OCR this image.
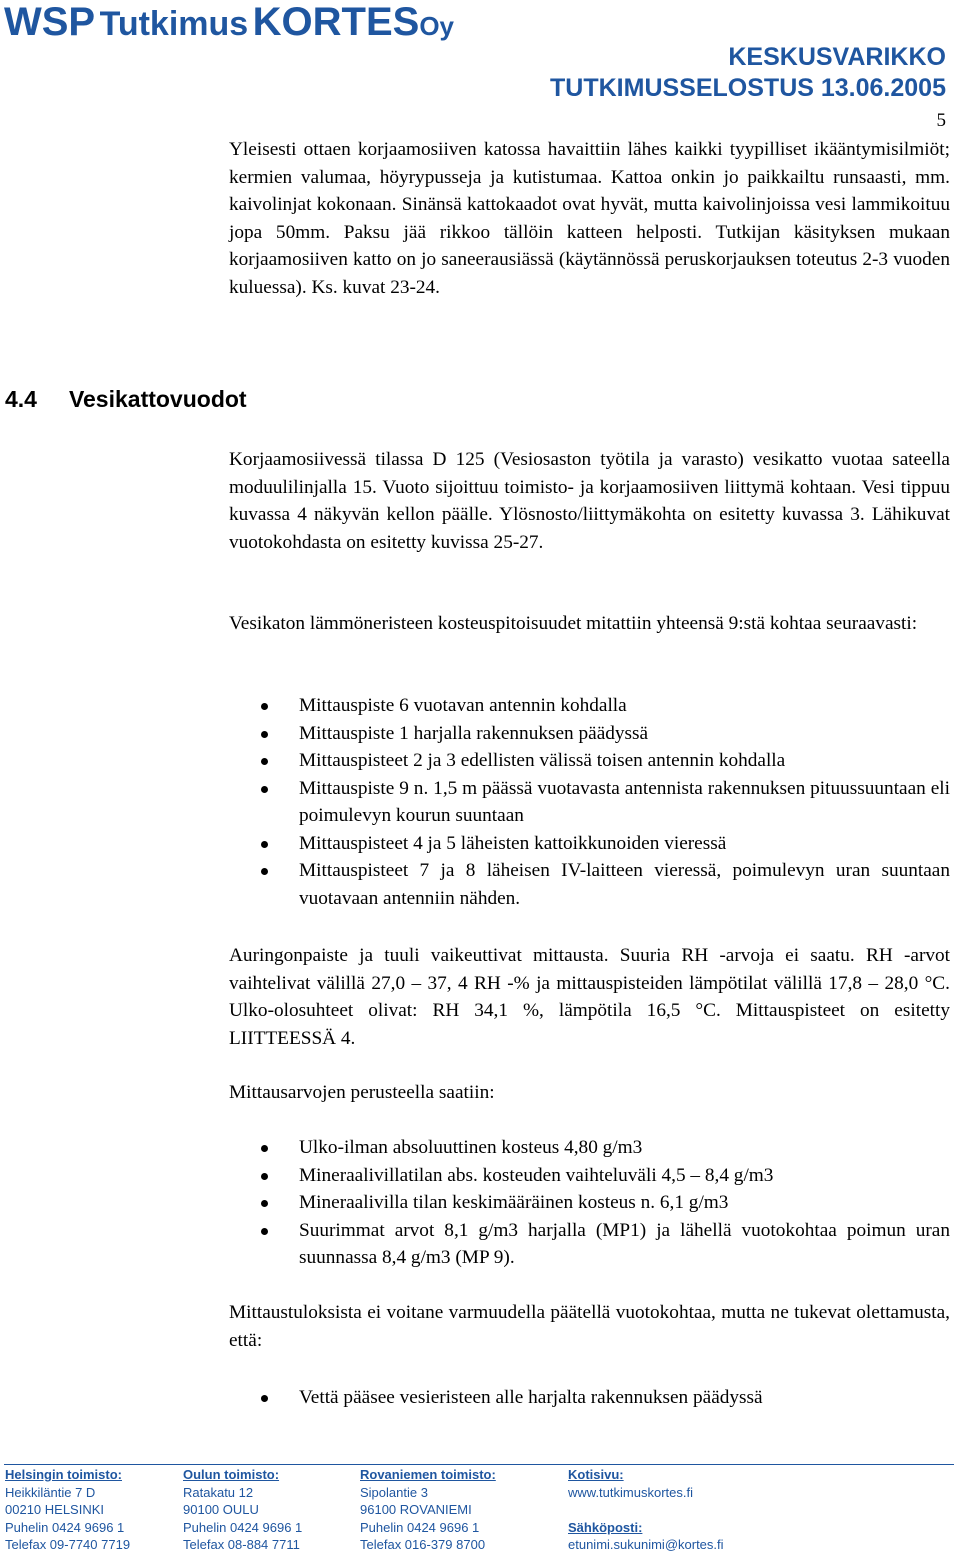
WSP Tutkimus KORTESOy
KESKUSVARIKKO
TUTKIMUSSELOSTUS 13.06.2005
5
Yleisesti ottaen korjaamosiiven katossa havaittiin lähes kaikki tyypilliset ikääntymisilmiöt; kermien valumaa, höyrypusseja ja kutistumaa. Kattoa onkin jo paikkailtu runsaasti, mm. kaivolinjat kokonaan. Sinänsä kattokaadot ovat hyvät, mutta kaivolinjoissa vesi lammikoituu jopa 50mm. Paksu jää rikkoo tällöin katteen helposti. Tutkijan käsityksen mukaan korjaamosiiven katto on jo saneerausiässä (käytännössä peruskorjauksen toteutus 2-3 vuoden kuluessa). Ks. kuvat 23-24.
4.4 Vesikattovuodot
Korjaamosiivessä tilassa D 125 (Vesiosaston työtila ja varasto) vesikatto vuotaa sateella moduulilinjalla 15. Vuoto sijoittuu toimisto- ja korjaamosiiven liittymä kohtaan. Vesi tippuu kuvassa 4 näkyvän kellon päälle. Ylösnosto/liittymäkohta on esitetty kuvassa 3. Lähikuvat vuotokohdasta on esitetty kuvissa 25-27.
Vesikaton lämmöneristeen kosteuspitoisuudet mitattiin yhteensä 9:stä kohtaa seuraavasti:
Mittauspiste 6 vuotavan antennin kohdalla
Mittauspiste 1 harjalla rakennuksen päädyssä
Mittauspisteet 2 ja 3 edellisten välissä toisen antennin kohdalla
Mittauspiste 9 n. 1,5 m päässä vuotavasta antennista rakennuksen pituussuuntaan eli poimulevyn kourun suuntaan
Mittauspisteet 4 ja 5 läheisten kattoikkunoiden vieressä
Mittauspisteet 7 ja 8 läheisen IV-laitteen vieressä, poimulevyn uran suuntaan vuotavaan antenniin nähden.
Auringonpaiste ja tuuli vaikeuttivat mittausta. Suuria RH -arvoja ei saatu. RH -arvot vaihtelivat välillä 27,0 – 37, 4 RH -% ja mittauspisteiden lämpötilat välillä 17,8 – 28,0 °C. Ulko-olosuhteet olivat: RH 34,1 %, lämpötila 16,5 °C. Mittauspisteet on esitetty LIITTEESSÄ 4.
Mittausarvojen perusteella saatiin:
Ulko-ilman absoluuttinen kosteus 4,80 g/m3
Mineraalivillatilan abs. kosteuden vaihteluväli 4,5 – 8,4 g/m3
Mineraalivilla tilan keskimääräinen kosteus n. 6,1 g/m3
Suurimmat arvot 8,1 g/m3 harjalla (MP1) ja lähellä vuotokohtaa poimun uran suunnassa 8,4 g/m3 (MP 9).
Mittaustuloksista ei voitane varmuudella päätellä vuotokohtaa, mutta ne tukevat olettamusta, että:
Vettä pääsee vesieristeen alle harjalta rakennuksen päädyssä
Helsingin toimisto:
Heikkiläntie 7 D
00210 HELSINKI
Puhelin 0424 9696 1
Telefax 09-7740 7719
Oulun toimisto:
Ratakatu 12
90100 OULU
Puhelin 0424 9696 1
Telefax 08-884 7711
Rovaniemen toimisto:
Sipolantie 3
96100 ROVANIEMI
Puhelin 0424 9696 1
Telefax 016-379 8700
Kotisivu:
www.tutkimuskortes.fi

Sähköposti:
etunimi.sukunimi@kortes.fi
